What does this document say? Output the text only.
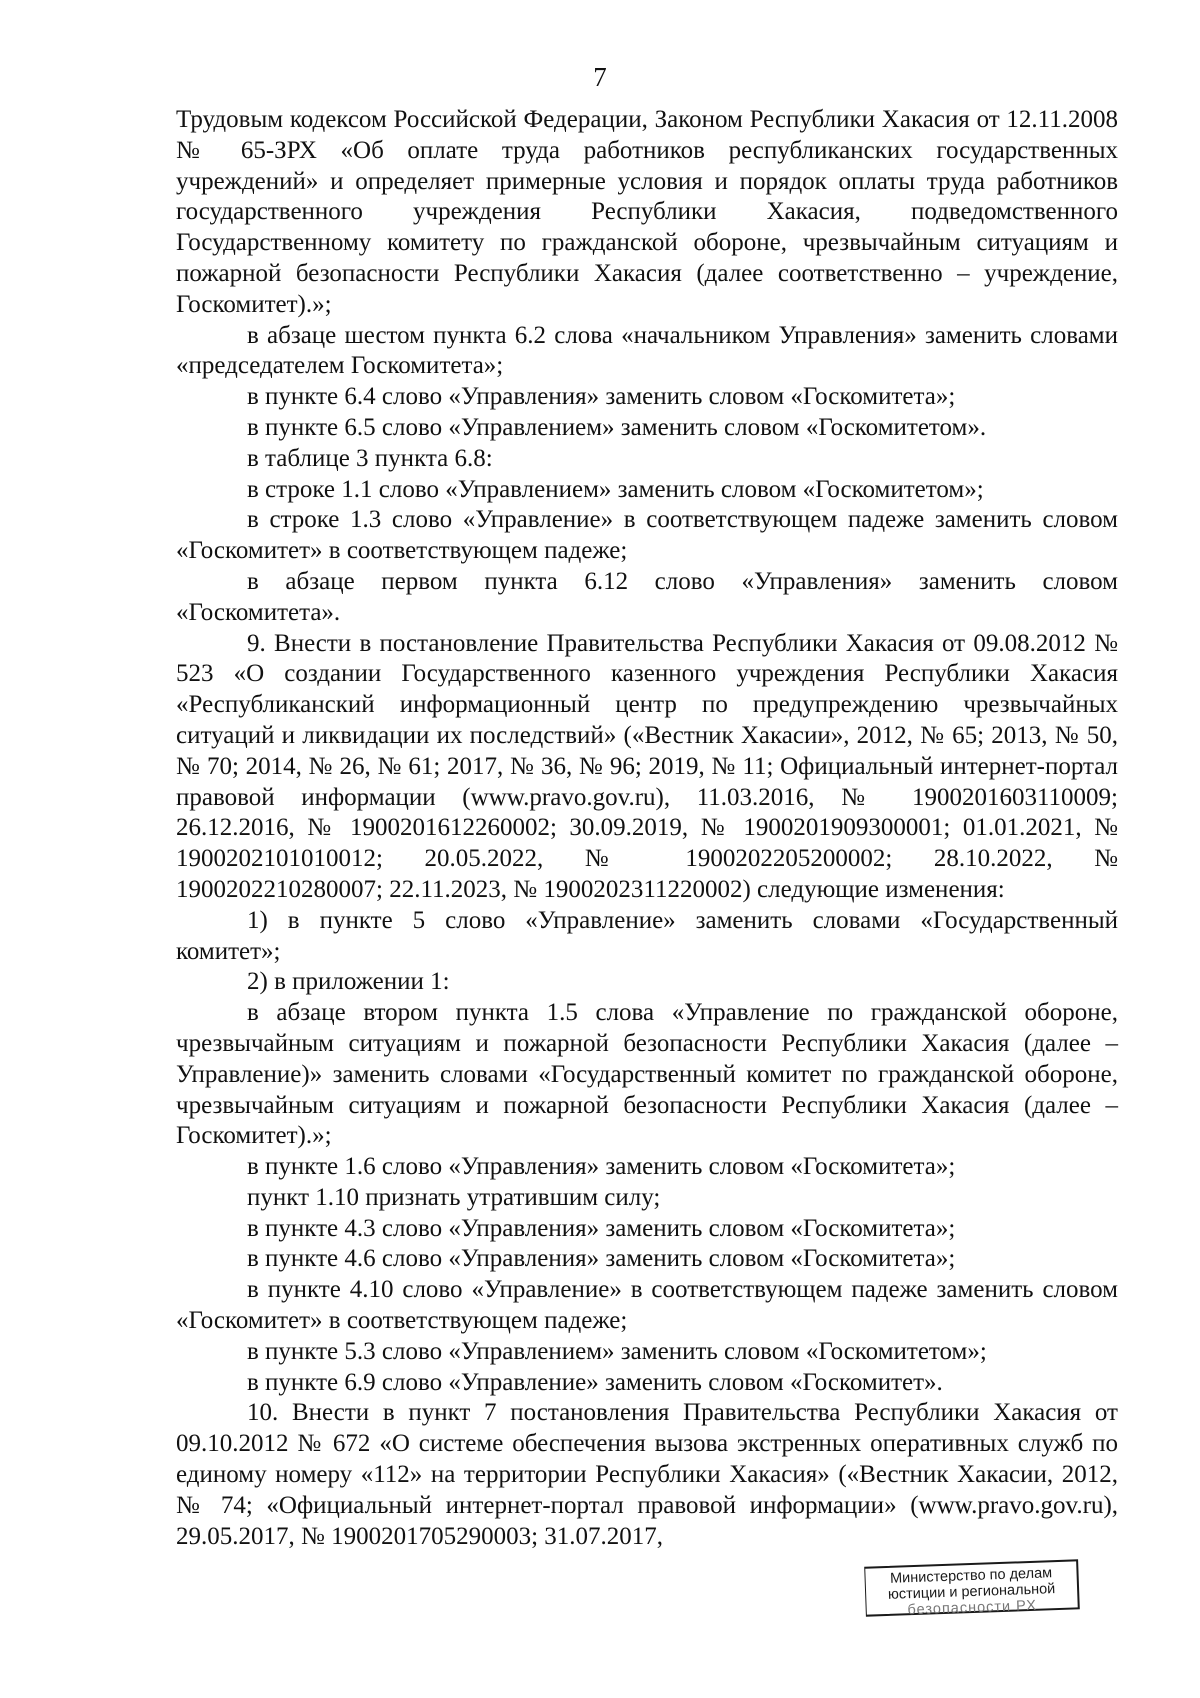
7

Трудовым кодексом Российской Федерации, Законом Республики Хакасия от 12.11.2008 № 65-ЗРХ «Об оплате труда работников республиканских государственных учреждений» и определяет примерные условия и порядок оплаты труда работников государственного учреждения Республики Хакасия, подведомственного Государственному комитету по гражданской обороне, чрезвычайным ситуациям и пожарной безопасности Республики Хакасия (далее соответственно – учреждение, Госкомитет).»;

в абзаце шестом пункта 6.2 слова «начальником Управления» заменить словами «председателем Госкомитета»;

в пункте 6.4 слово «Управления» заменить словом «Госкомитета»;

в пункте 6.5 слово «Управлением» заменить словом «Госкомитетом».

в таблице 3 пункта 6.8:

в строке 1.1 слово «Управлением» заменить словом «Госкомитетом»;

в строке 1.3 слово «Управление» в соответствующем падеже заменить словом «Госкомитет» в соответствующем падеже;

в абзаце первом пункта 6.12 слово «Управления» заменить словом «Госкомитета».

9. Внести в постановление Правительства Республики Хакасия от 09.08.2012 № 523 «О создании Государственного казенного учреждения Республики Хакасия «Республиканский информационный центр по предупреждению чрезвычайных ситуаций и ликвидации их последствий» («Вестник Хакасии», 2012, № 65; 2013, № 50, № 70; 2014, № 26, № 61; 2017, № 36, № 96; 2019, № 11; Официальный интернет-портал правовой информации (www.pravo.gov.ru), 11.03.2016, № 1900201603110009; 26.12.2016, № 1900201612260002; 30.09.2019, № 1900201909300001; 01.01.2021, № 1900202101010012; 20.05.2022, № 1900202205200002; 28.10.2022, № 1900202210280007; 22.11.2023, № 1900202311220002) следующие изменения:

1) в пункте 5 слово «Управление» заменить словами «Государственный комитет»;

2) в приложении 1:

в абзаце втором пункта 1.5 слова «Управление по гражданской обороне, чрезвычайным ситуациям и пожарной безопасности Республики Хакасия (далее – Управление)» заменить словами «Государственный комитет по гражданской обороне, чрезвычайным ситуациям и пожарной безопасности Республики Хакасия (далее – Госкомитет).»;

в пункте 1.6 слово «Управления» заменить словом «Госкомитета»;

пункт 1.10 признать утратившим силу;

в пункте 4.3 слово «Управления» заменить словом «Госкомитета»;

в пункте 4.6 слово «Управления» заменить словом «Госкомитета»;

в пункте 4.10 слово «Управление» в соответствующем падеже заменить словом «Госкомитет» в соответствующем падеже;

в пункте 5.3 слово «Управлением» заменить словом «Госкомитетом»;

в пункте 6.9 слово «Управление» заменить словом «Госкомитет».

10. Внести в пункт 7 постановления Правительства Республики Хакасия от 09.10.2012 № 672 «О системе обеспечения вызова экстренных оперативных служб по единому номеру «112» на территории Республики Хакасия» («Вестник Хакасии, 2012, № 74; «Официальный интернет-портал правовой информации» (www.pravo.gov.ru), 29.05.2017, № 1900201705290003; 31.07.2017,

Министерство по делам
юстиции и региональной
безопасности РХ
